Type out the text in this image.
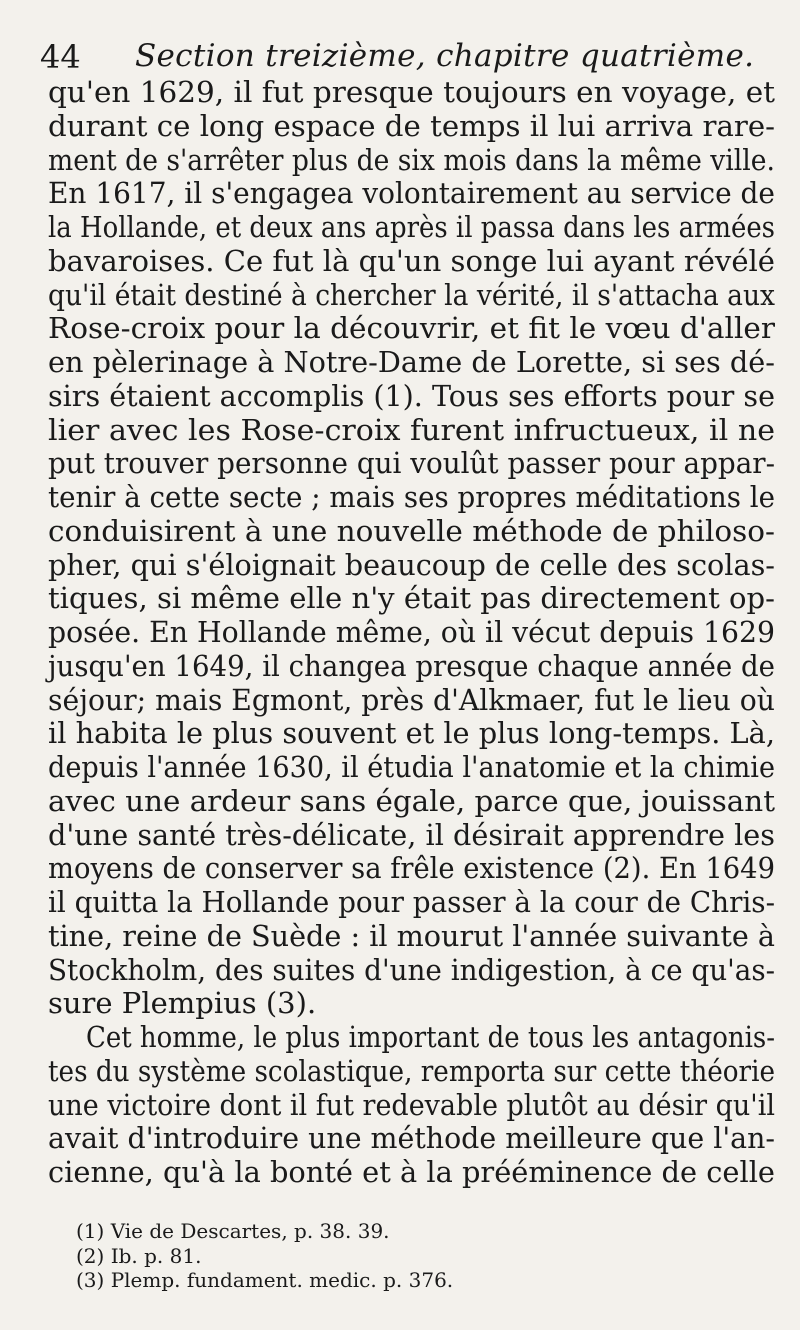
44 Section treizième, chapitre quatrième.
qu'en 1629, il fut presque toujours en voyage, et
durant ce long espace de temps il lui arriva rare-
ment de s'arrêter plus de six mois dans la même ville.
En 1617, il s'engagea volontairement au service de
la Hollande, et deux ans après il passa dans les armées
bavaroises. Ce fut là qu'un songe lui ayant révélé
qu'il était destiné à chercher la vérité, il s'attacha aux
Rose-croix pour la découvrir, et fit le vœu d'aller
en pèlerinage à Notre-Dame de Lorette, si ses dé-
sirs étaient accomplis (1). Tous ses efforts pour se
lier avec les Rose-croix furent infructueux, il ne
put trouver personne qui voulût passer pour appar-
tenir à cette secte ; mais ses propres méditations le
conduisirent à une nouvelle méthode de philoso-
pher, qui s'éloignait beaucoup de celle des scolas-
tiques, si même elle n'y était pas directement op-
posée. En Hollande même, où il vécut depuis 1629
jusqu'en 1649, il changea presque chaque année de
séjour; mais Egmont, près d'Alkmaer, fut le lieu où
il habita le plus souvent et le plus long-temps. Là,
depuis l'année 1630, il étudia l'anatomie et la chimie
avec une ardeur sans égale, parce que, jouissant
d'une santé très-délicate, il désirait apprendre les
moyens de conserver sa frêle existence (2). En 1649
il quitta la Hollande pour passer à la cour de Chris-
tine, reine de Suède : il mourut l'année suivante à
Stockholm, des suites d'une indigestion, à ce qu'as-
sure Plempius (3).
Cet homme, le plus important de tous les antagonis-
tes du système scolastique, remporta sur cette théorie
une victoire dont il fut redevable plutôt au désir qu'il
avait d'introduire une méthode meilleure que l'an-
cienne, qu'à la bonté et à la prééminence de celle
(1) Vie de Descartes, p. 38. 39.
(2) Ib. p. 81.
(3) Plemp. fundament. medic. p. 376.
